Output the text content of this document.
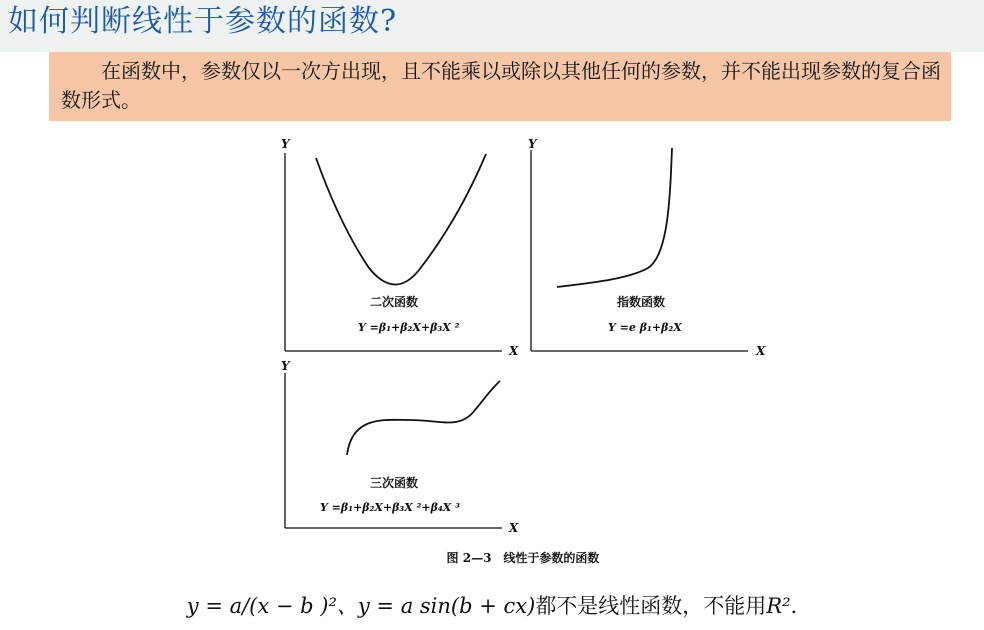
如何判断线性于参数的函数?
在函数中，参数仅以一次方出现，且不能乘以或除以其他任何的参数，并不能出现参数的复合函数形式。
Y
X
二次函数
Y =β₁+β₂X+β₃X ²
Y
X
指数函数
Y =e β₁+β₂X
Y
X
三次函数
Y =β₁+β₂X+β₃X ²+β₄X ³
图 2—3　线性于参数的函数
y = a/(x − b )²、y = a sin(b + cx)都不是线性函数，不能用R².
